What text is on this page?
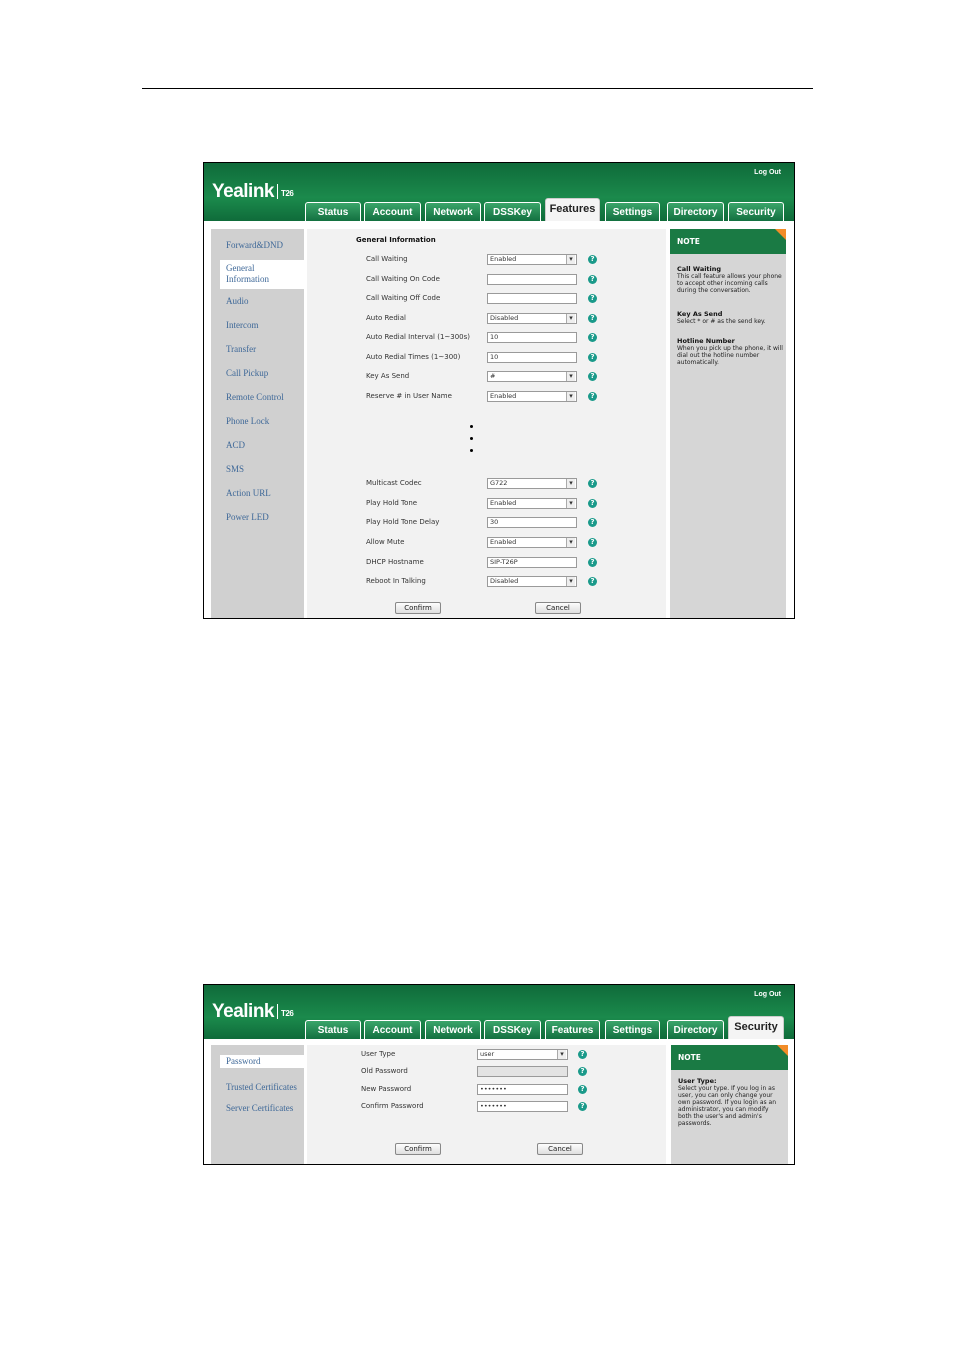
Yealink T26
Log Out
Status	Account	Network	DSSKey	Features	Settings	Directory	Security
Forward&DND
General
Information
Audio
Intercom
Transfer
Call Pickup
Remote Control
Phone Lock
ACD
SMS
Action URL
Power LED
General Information
Confirm	Cancel
Call Waiting	Enabled ▾	?
Call Waiting On Code	?
Call Waiting Off Code	?
Auto Redial	Disabled ▾	?
Auto Redial Interval (1~300s)	10	?
Auto Redial Times (1~300)	10	?
Key As Send	# ▾	?
Reserve # in User Name	Enabled ▾	?
Multicast Codec	G722 ▾	?
Play Hold Tone	Enabled ▾	?
Play Hold Tone Delay	30	?
Allow Mute	Enabled ▾	?
DHCP Hostname	SIP-T26P	?
Reboot In Talking	Disabled ▾	?
NOTE
Call Waiting
This call feature allows your phone to accept other incoming calls during the conversation.
Key As Send
Select * or # as the send key.
Hotline Number
When you pick up the phone, it will dial out the hotline number automatically.
Yealink T26
Log Out
Status	Account	Network	DSSKey	Features	Settings	Directory	Security
Password
Trusted Certificates
Server Certificates
Confirm	Cancel
User Type	user ▾	?
Old Password	?
New Password	•••••••	?
Confirm Password	•••••••	?
NOTE
User Type:
Select your type. If you log in as user, you can only change your own password. If you login as an administrator, you can modify both the user's and admin's passwords.
